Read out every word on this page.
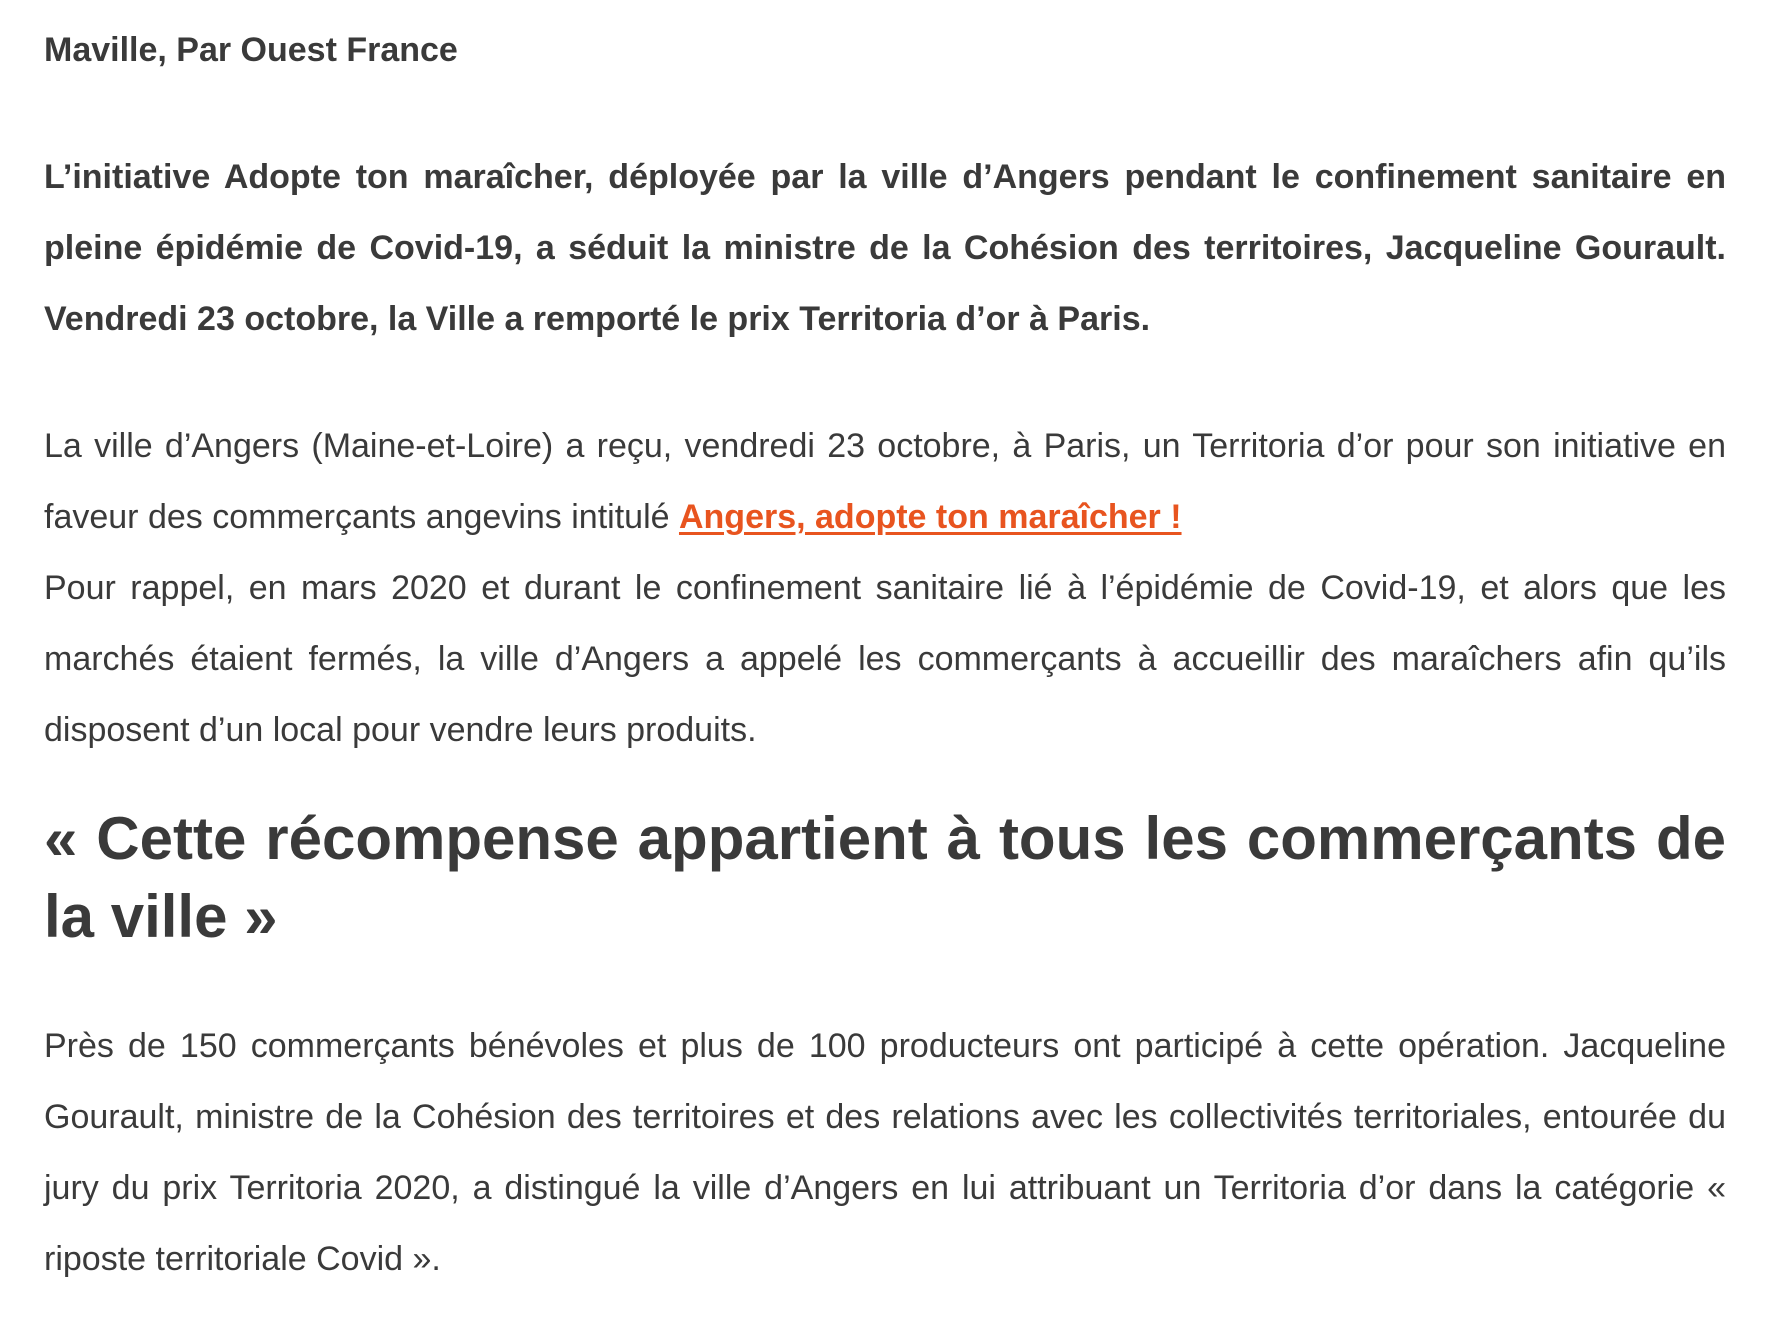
Maville, Par Ouest France

L’initiative Adopte ton maraîcher, déployée par la ville d’Angers pendant le confinement sanitaire en pleine épidémie de Covid-19, a séduit la ministre de la Cohésion des territoires, Jacqueline Gourault. Vendredi 23 octobre, la Ville a remporté le prix Territoria d’or à Paris.

La ville d’Angers (Maine-et-Loire) a reçu, vendredi 23 octobre, à Paris, un Territoria d’or pour son initiative en faveur des commerçants angevins intitulé Angers, adopte ton maraîcher !
Pour rappel, en mars 2020 et durant le confinement sanitaire lié à l’épidémie de Covid-19, et alors que les marchés étaient fermés, la ville d’Angers a appelé les commerçants à accueillir des maraîchers afin qu’ils disposent d’un local pour vendre leurs produits.
« Cette récompense appartient à tous les commerçants de la ville »

Près de 150 commerçants bénévoles et plus de 100 producteurs ont participé à cette opération. Jacqueline Gourault, ministre de la Cohésion des territoires et des relations avec les collectivités territoriales, entourée du jury du prix Territoria 2020, a distingué la ville d’Angers en lui attribuant un Territoria d’or dans la catégorie « riposte territoriale Covid ».
